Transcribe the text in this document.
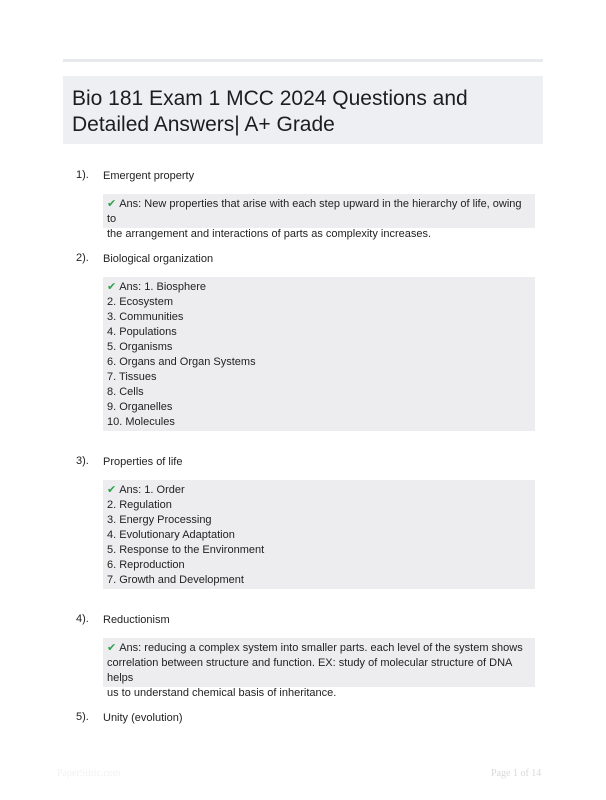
Bio 181 Exam 1 MCC 2024 Questions and
Detailed Answers| A+ Grade
1). Emergent property
✔ Ans: New properties that arise with each step upward in the hierarchy of life, owing to
the arrangement and interactions of parts as complexity increases.
2). Biological organization
✔ Ans: 1. Biosphere
2. Ecosystem
3. Communities
4. Populations
5. Organisms
6. Organs and Organ Systems
7. Tissues
8. Cells
9. Organelles
10. Molecules
3). Properties of life
✔ Ans: 1. Order
2. Regulation
3. Energy Processing
4. Evolutionary Adaptation
5. Response to the Environment
6. Reproduction
7. Growth and Development
4). Reductionism
✔ Ans: reducing a complex system into smaller parts. each level of the system shows
correlation between structure and function. EX: study of molecular structure of DNA helps
us to understand chemical basis of inheritance.
5). Unity (evolution)
PaperStitic.com	Page 1 of 14
